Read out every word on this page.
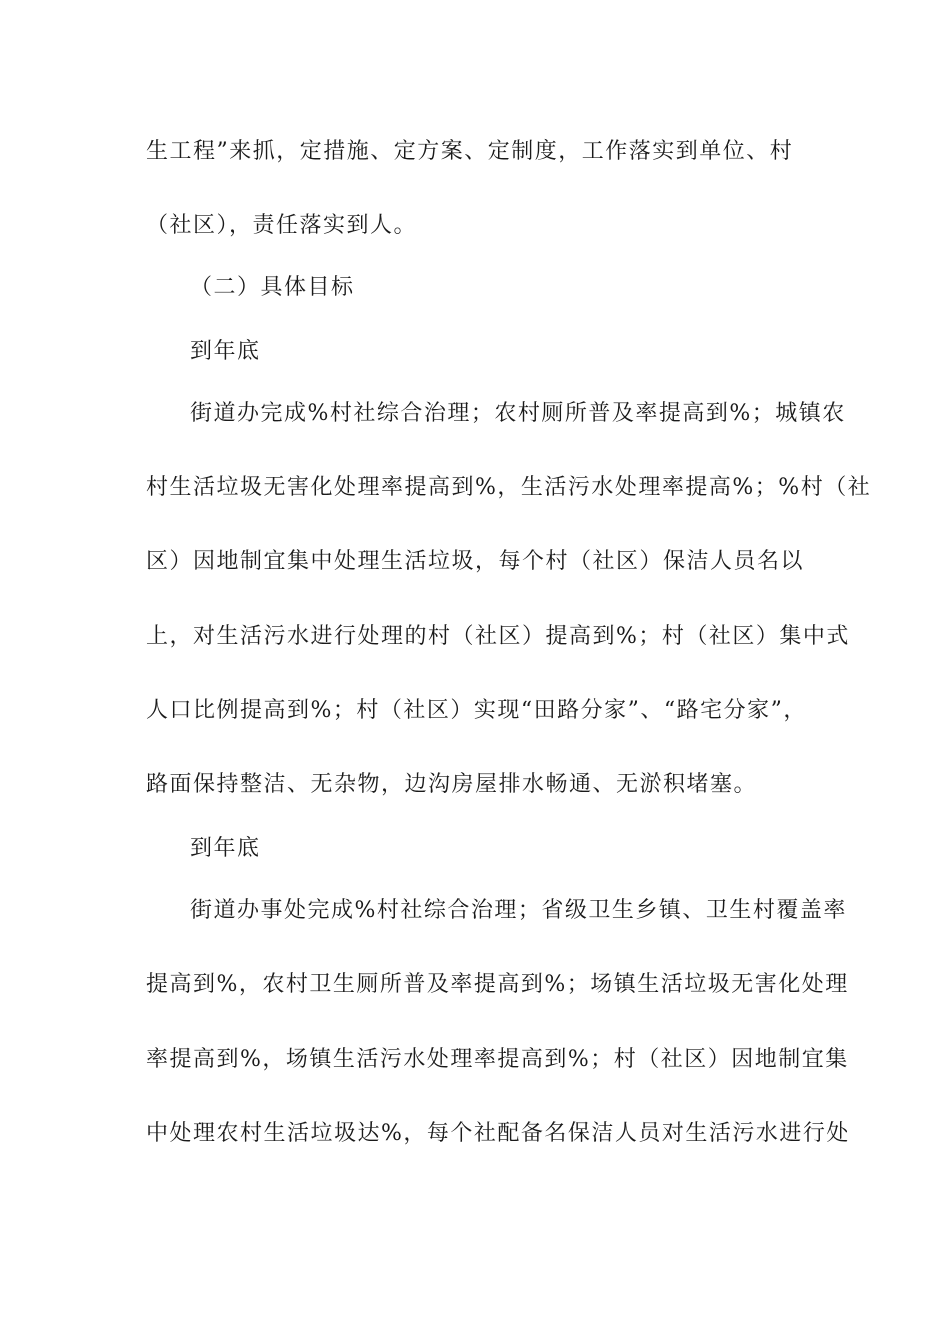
生工程”来抓，定措施、定方案、定制度，工作落实到单位、村
（社区），责任落实到人。
（二）具体目标
到年底
街道办完成%村社综合治理；农村厕所普及率提高到%；城镇农
村生活垃圾无害化处理率提高到%，生活污水处理率提高%；%村（社
区）因地制宜集中处理生活垃圾，每个村（社区）保洁人员名以
上，对生活污水进行处理的村（社区）提高到%；村（社区）集中式
人口比例提高到%；村（社区）实现“田路分家”、“路宅分家”，
路面保持整洁、无杂物，边沟房屋排水畅通、无淤积堵塞。
到年底
街道办事处完成%村社综合治理；省级卫生乡镇、卫生村覆盖率
提高到%，农村卫生厕所普及率提高到%；场镇生活垃圾无害化处理
率提高到%，场镇生活污水处理率提高到%；村（社区）因地制宜集
中处理农村生活垃圾达%，每个社配备名保洁人员对生活污水进行处
